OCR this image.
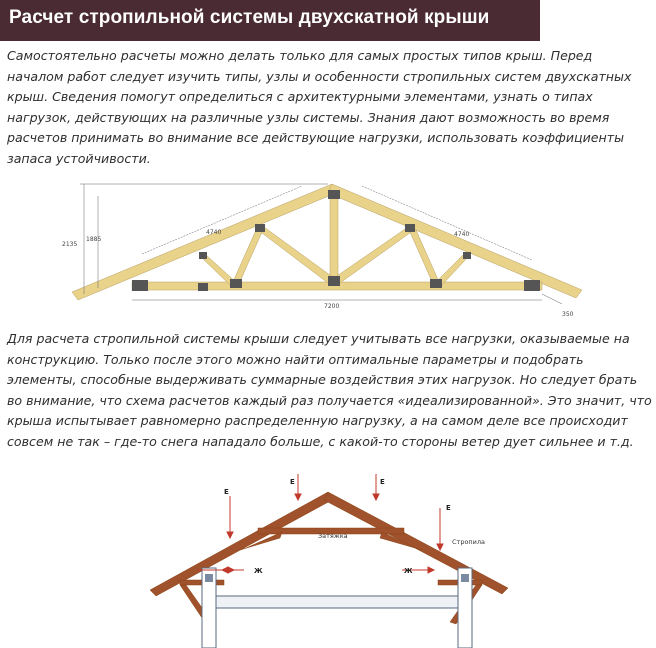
Расчет стропильной системы двухскатной крыши

Самостоятельно расчеты можно делать только для самых простых типов крыш. Перед началом работ следует изучить типы, узлы и особенности стропильных систем двухскатных крыш. Сведения помогут определиться с архитектурными элементами, узнать о типах нагрузок, действующих на различные узлы системы. Знания дают возможность во время расчетов принимать во внимание все действующие нагрузки, использовать коэффициенты запаса устойчивости.

2135
1885
4740	4740
7200
350

Для расчета стропильной системы крыши следует учитывать все нагрузки, оказываемые на конструкцию. Только после этого можно найти оптимальные параметры и подобрать элементы, способные выдерживать суммарные воздействия этих нагрузок. Но следует брать во внимание, что схема расчетов каждый раз получается «идеализированной». Это значит, что крыша испытывает равномерно распределенную нагрузку, а на самом деле все происходит совсем не так – где-то снега нападало больше, с какой-то стороны ветер дует сильнее и т.д.

E
E	E
E
Ж	Ж
Затяжка
Стропила
